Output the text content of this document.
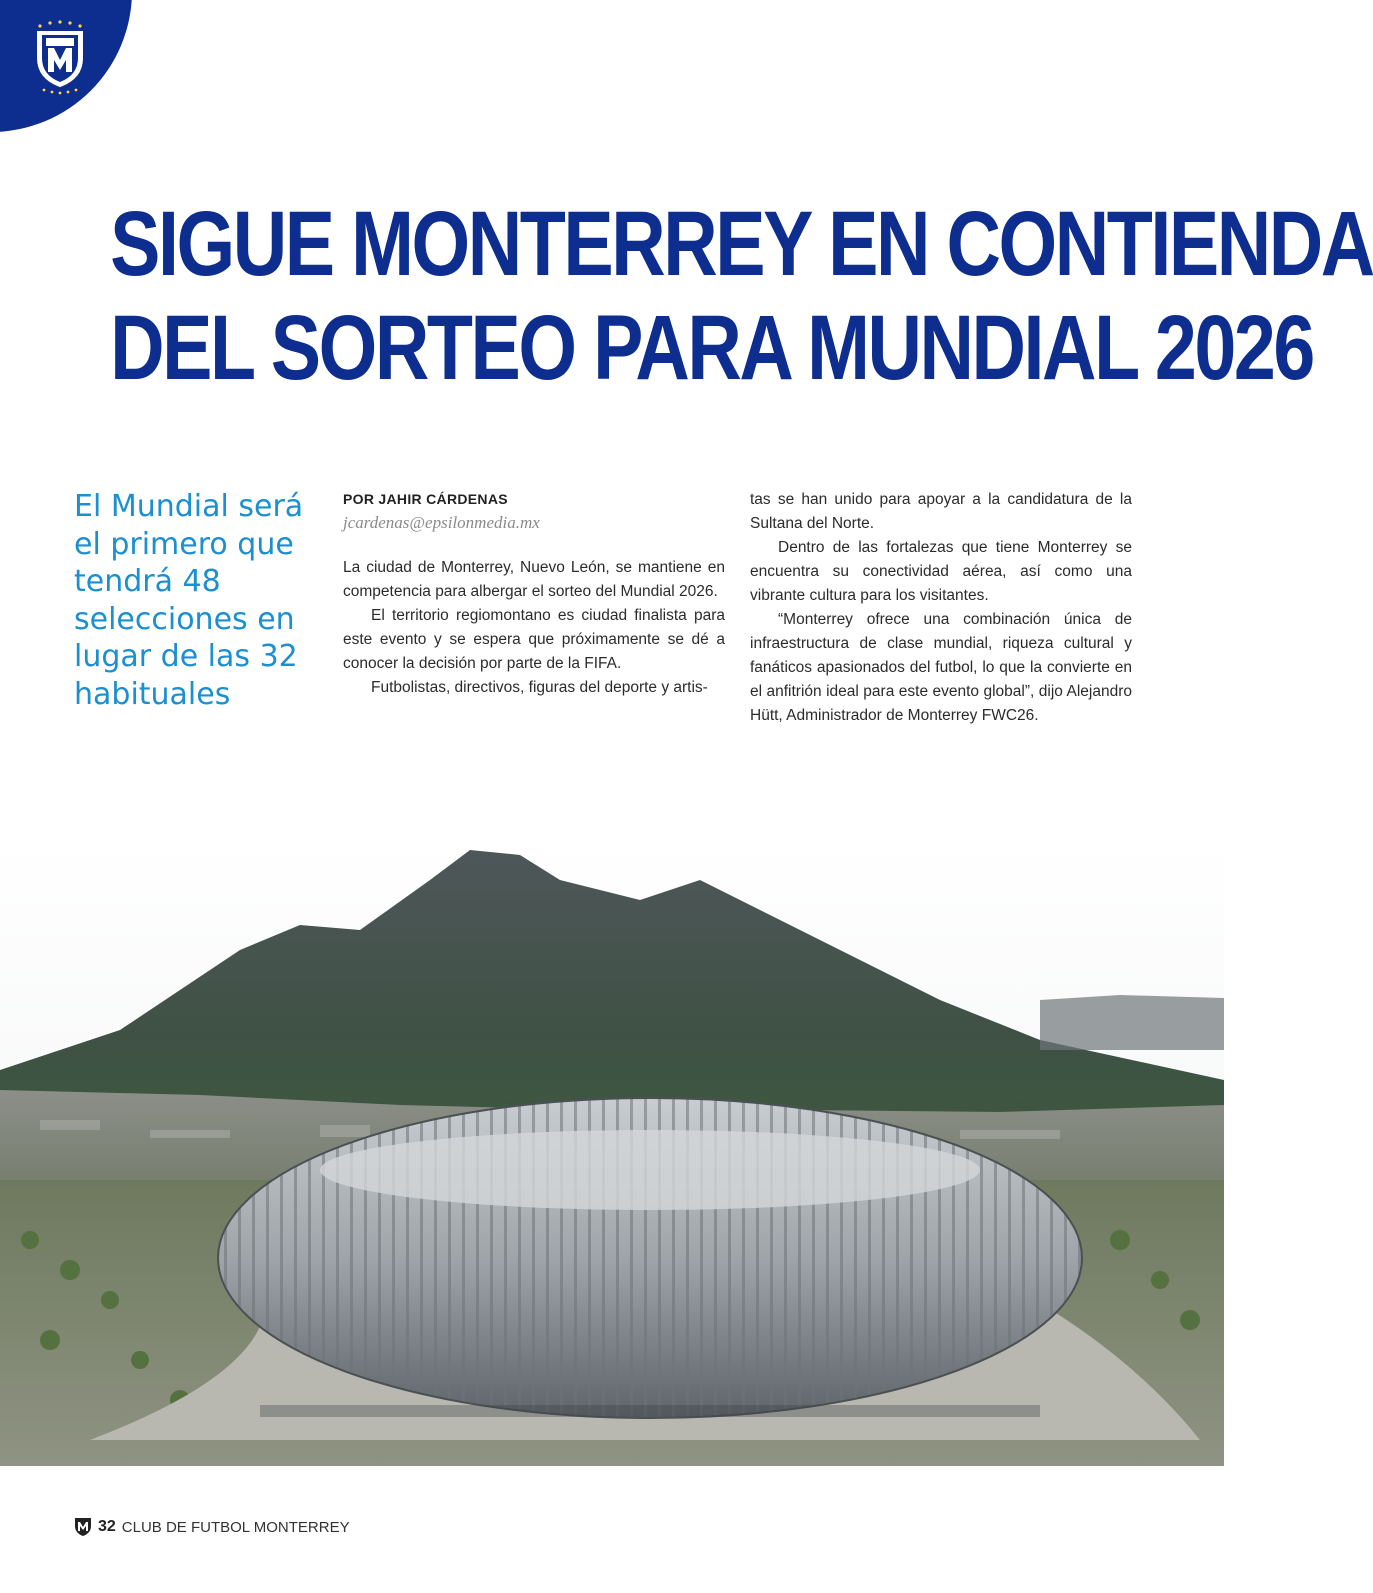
SIGUE MONTERREY EN CONTIENDA
DEL SORTEO PARA MUNDIAL 2026

El Mundial será el primero que tendrá 48 selecciones en lugar de las 32 habituales

POR JAHIR CÁRDENAS
jcardenas@epsilonmedia.mx

La ciudad de Monterrey, Nuevo León, se mantiene en competencia para albergar el sorteo del Mundial 2026.

El territorio regiomontano es ciudad finalista para este evento y se espera que próximamente se dé a conocer la decisión por parte de la FIFA.

Futbolistas, directivos, figuras del deporte y artis-

tas se han unido para apoyar a la candidatura de la Sultana del Norte.

Dentro de las fortalezas que tiene Monterrey se encuentra su conectividad aérea, así como una vibrante cultura para los visitantes.

“Monterrey ofrece una combinación única de infraestructura de clase mundial, riqueza cultural y fanáticos apasionados del futbol, lo que la convierte en el anfitrión ideal para este evento global”, dijo Alejandro Hütt, Administrador de Monterrey FWC26.

32 CLUB DE FUTBOL MONTERREY
